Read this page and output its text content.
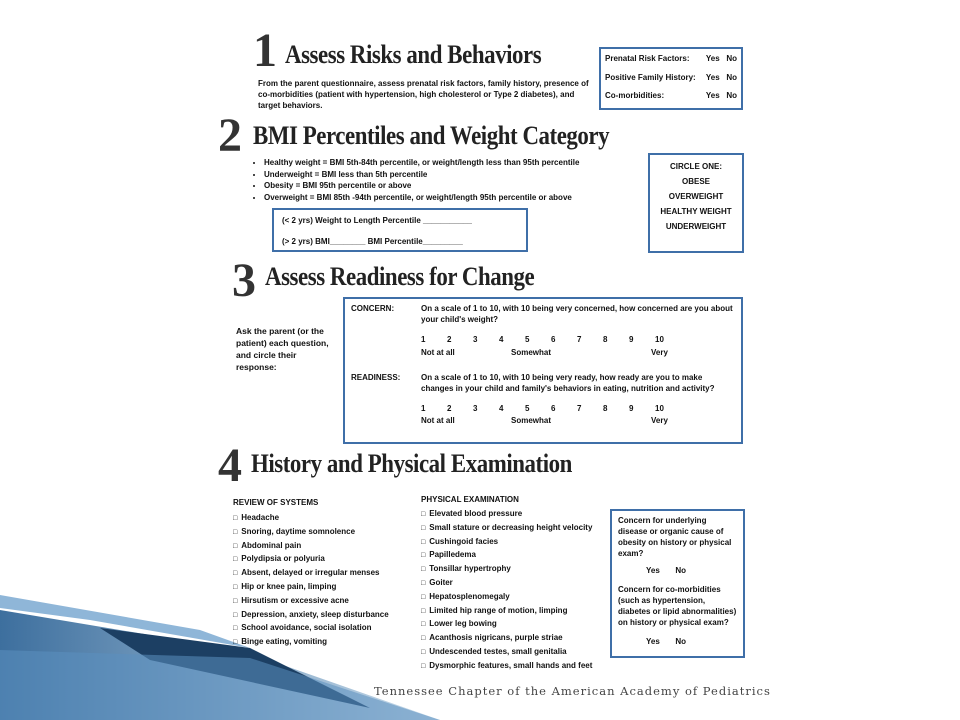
1 Assess Risks and Behaviors
From the parent questionnaire, assess prenatal risk factors, family history, presence of co-morbidities (patient with hypertension, high cholesterol or Type 2 diabetes), and target behaviors.
Prenatal Risk Factors: Yes No
Positive Family History: Yes No
Co-morbidities:	Yes No
2 BMI Percentiles and Weight Category
• Healthy weight = BMI 5th-84th percentile, or weight/length less than 95th percentile
• Underweight = BMI less than 5th percentile
• Obesity = BMI 95th percentile or above
• Overweight = BMI 85th -94th percentile, or weight/length 95th percentile or above
(< 2 yrs) Weight to Length Percentile ___________
(> 2 yrs) BMI________ BMI Percentile_________
CIRCLE ONE:
OBESE
OVERWEIGHT
HEALTHY WEIGHT
UNDERWEIGHT
3 Assess Readiness for Change
Ask the parent (or the patient) each question, and circle their response:
CONCERN:	On a scale of 1 to 10, with 10 being very concerned, how concerned are you about your child's weight?
1	2	3	4	5	6	7	8	9	10
Not at all	Somewhat	Very
READINESS:	On a scale of 1 to 10, with 10 being very ready, how ready are you to make changes in your child and family's behaviors in eating, nutrition and activity?
1	2	3	4	5	6	7	8	9	10
Not at all	Somewhat	Very
4 History and Physical Examination
REVIEW OF SYSTEMS
□ Headache
□ Snoring, daytime somnolence
□ Abdominal pain
□ Polydipsia or polyuria
□ Absent, delayed or irregular menses
□ Hip or knee pain, limping
□ Hirsutism or excessive acne
□ Depression, anxiety, sleep disturbance
□ School avoidance, social isolation
□ Binge eating, vomiting
PHYSICAL EXAMINATION
□ Elevated blood pressure
□ Small stature or decreasing height velocity
□ Cushingoid facies
□ Papilledema
□ Tonsillar hypertrophy
□ Goiter
□ Hepatosplenomegaly
□ Limited hip range of motion, limping
□ Lower leg bowing
□ Acanthosis nigricans, purple striae
□ Undescended testes, small genitalia
□ Dysmorphic features, small hands and feet
Concern for underlying disease or organic cause of obesity on history or physical exam?
Yes No
Concern for co-morbidities (such as hypertension, diabetes or lipid abnormalities) on history or physical exam?
Yes No
Tennessee Chapter of the American Academy of Pediatrics
